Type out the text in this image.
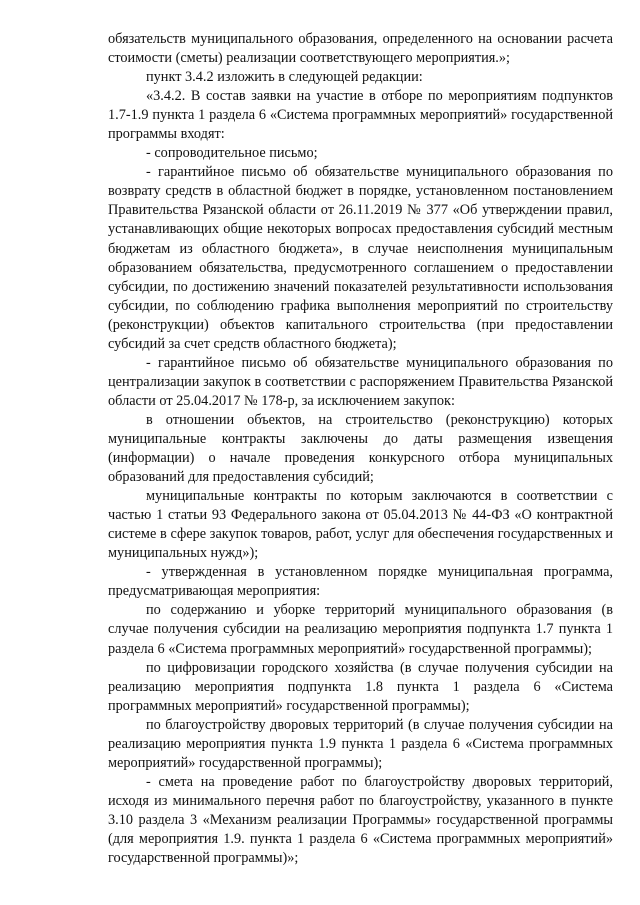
обязательств муниципального образования, определенного на основании расчета стоимости (сметы) реализации соответствующего мероприятия.»;

пункт 3.4.2 изложить в следующей редакции:

«3.4.2. В состав заявки на участие в отборе по мероприятиям подпунктов 1.7-1.9 пункта 1 раздела 6 «Система программных мероприятий» государственной программы входят:

- сопроводительное письмо;

- гарантийное письмо об обязательстве муниципального образования по возврату средств в областной бюджет в порядке, установленном постановлением Правительства Рязанской области от 26.11.2019 № 377 «Об утверждении правил, устанавливающих общие некоторых вопросах предоставления субсидий местным бюджетам из областного бюджета», в случае неисполнения муниципальным образованием обязательства, предусмотренного соглашением о предоставлении субсидии, по достижению значений показателей результативности использования субсидии, по соблюдению графика выполнения мероприятий по строительству (реконструкции) объектов капитального строительства (при предоставлении субсидий за счет средств областного бюджета);

- гарантийное письмо об обязательстве муниципального образования по централизации закупок в соответствии с распоряжением Правительства Рязанской области от 25.04.2017 № 178-р, за исключением закупок:

в отношении объектов, на строительство (реконструкцию) которых муниципальные контракты заключены до даты размещения извещения (информации) о начале проведения конкурсного отбора муниципальных образований для предоставления субсидий;

муниципальные контракты по которым заключаются в соответствии с частью 1 статьи 93 Федерального закона от 05.04.2013 № 44-ФЗ «О контрактной системе в сфере закупок товаров, работ, услуг для обеспечения государственных и муниципальных нужд»);

- утвержденная в установленном порядке муниципальная программа, предусматривающая мероприятия:

по содержанию и уборке территорий муниципального образования (в случае получения субсидии на реализацию мероприятия подпункта 1.7 пункта 1 раздела 6 «Система программных мероприятий» государственной программы);

по цифровизации городского хозяйства (в случае получения субсидии на реализацию мероприятия подпункта 1.8 пункта 1 раздела 6 «Система программных мероприятий» государственной программы);

по благоустройству дворовых территорий (в случае получения субсидии на реализацию мероприятия пункта 1.9 пункта 1 раздела 6 «Система программных мероприятий» государственной программы);

- смета на проведение работ по благоустройству дворовых территорий, исходя из минимального перечня работ по благоустройству, указанного в пункте 3.10 раздела 3 «Механизм реализации Программы» государственной программы (для мероприятия 1.9. пункта 1 раздела 6 «Система программных мероприятий» государственной программы)»;
